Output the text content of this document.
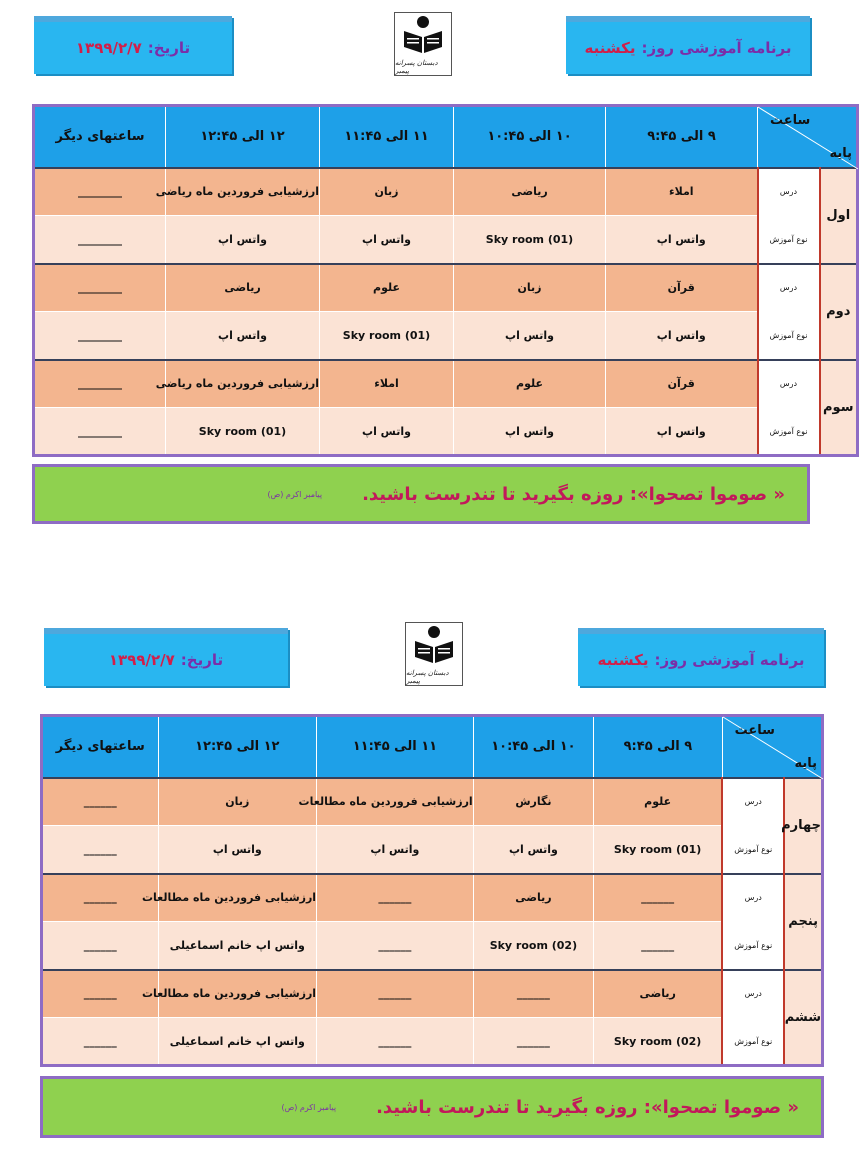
تاریخ:
۱۳۹۹/۲/۷
دبستان پسرانه پیمبر
برنامه آموزشی روز:
یکشنبه
ساعت
پایه		۹ الی ۹:۴۵	۱۰ الی ۱۰:۴۵	۱۱ الی ۱۱:۴۵	۱۲ الی ۱۲:۴۵	ساعتهای دیگر
اول	درس	املاء	ریاضی	زبان	ارزشیابی فروردین ماه ریاضی	________
	نوع آموزش	واتس اپ	Sky room (01)	واتس اپ	واتس اپ	________
دوم	درس	قرآن	زبان	علوم	ریاضی	________
	نوع آموزش	واتس اپ	واتس اپ	Sky room (01)	واتس اپ	________
سوم	درس	قرآن	علوم	املاء	ارزشیابی فروردین ماه ریاضی	________
	نوع آموزش	واتس اپ	واتس اپ	واتس اپ	Sky room (01)	________
« صوموا تصحوا»: روزه بگیرید تا تندرست باشید.
پیامبر اکرم (ص)
تاریخ:
۱۳۹۹/۲/۷
دبستان پسرانه پیمبر
برنامه آموزشی روز:
یکشنبه
ساعت
پایه		۹ الی ۹:۴۵	۱۰ الی ۱۰:۴۵	۱۱ الی ۱۱:۴۵	۱۲ الی ۱۲:۴۵	ساعتهای دیگر
چهارم	درس	علوم	نگارش	ارزشیابی فروردین ماه مطالعات	زبان	______
	نوع آموزش	Sky room (01)	واتس اپ	واتس اپ	واتس اپ	______
پنجم	درس	______	ریاضی	______	ارزشیابی فروردین ماه مطالعات	______
	نوع آموزش	______	Sky room (02)	______	واتس اپ خانم اسماعیلی	______
ششم	درس	ریاضی	______	______	ارزشیابی فروردین ماه مطالعات	______
	نوع آموزش	Sky room (02)	______	______	واتس اپ خانم اسماعیلی	______
« صوموا تصحوا»: روزه بگیرید تا تندرست باشید.
پیامبر اکرم (ص)
